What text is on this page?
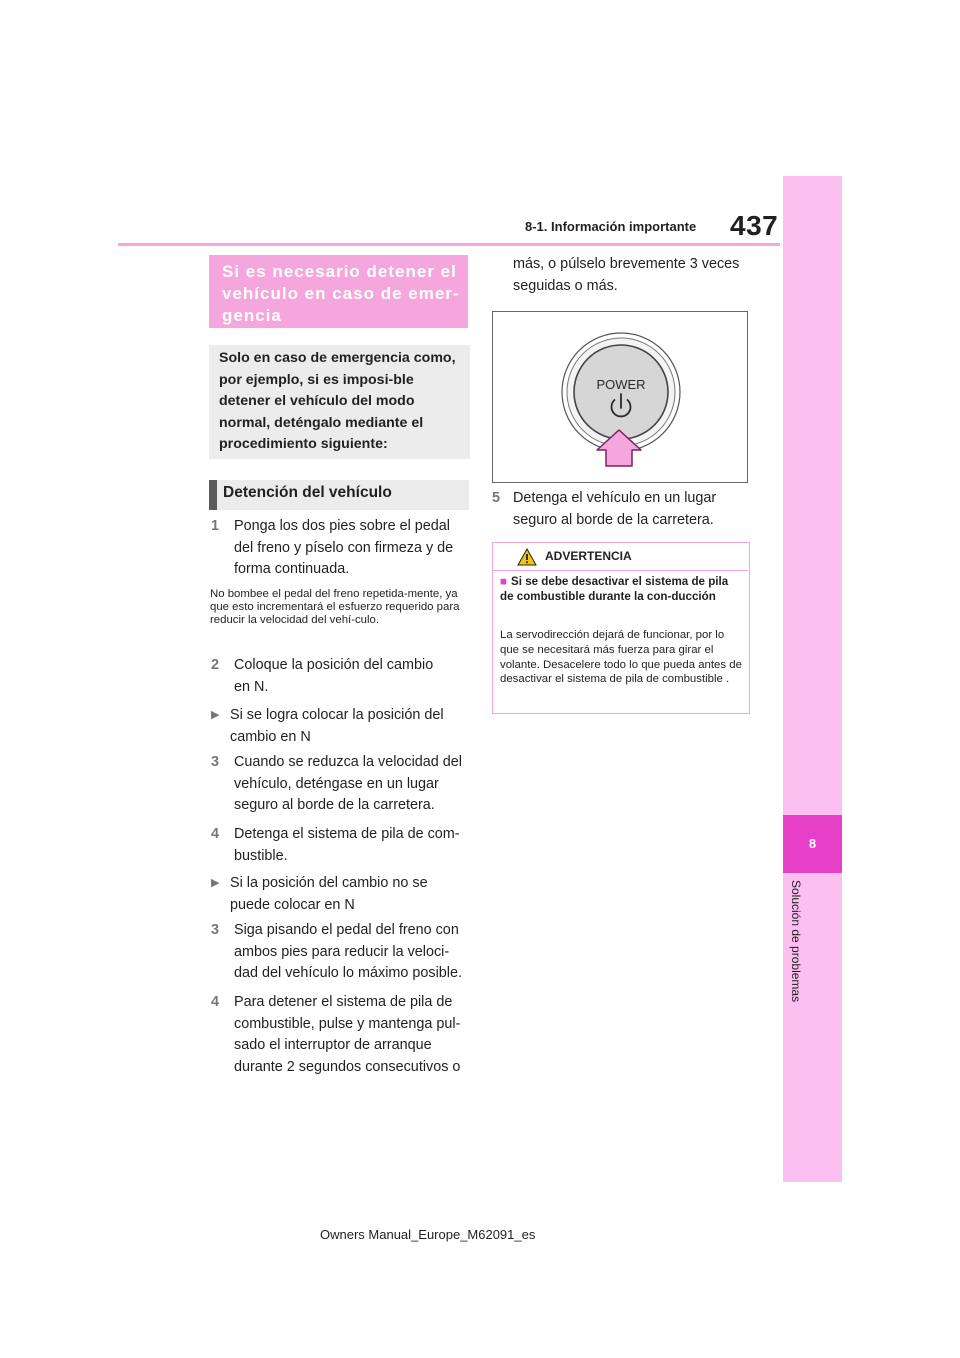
8-1. Información importante 437
8
Solución de problemas
Si es necesario detener el vehículo en caso de emer-gencia
Solo en caso de emergencia como, por ejemplo, si es imposi-ble detener el vehículo del modo normal, deténgalo mediante el procedimiento siguiente:
Detención del vehículo
1 Ponga los dos pies sobre el pedal
del freno y píselo con firmeza y de
forma continuada.
No bombee el pedal del freno repetida-mente, ya que esto incrementará el esfuerzo requerido para reducir la velocidad del vehí-culo.
2 Coloque la posición del cambio
en N.
▶ Si se logra colocar la posición del
cambio en N
3 Cuando se reduzca la velocidad del
vehículo, deténgase en un lugar
seguro al borde de la carretera.
4 Detenga el sistema de pila de com-
bustible.
▶ Si la posición del cambio no se
puede colocar en N
3 Siga pisando el pedal del freno con
ambos pies para reducir la veloci-
dad del vehículo lo máximo posible.
4 Para detener el sistema de pila de
combustible, pulse y mantenga pul-
sado el interruptor de arranque
durante 2 segundos consecutivos o
más, o púlselo brevemente 3 veces
seguidas o más.
POWER
5 Detenga el vehículo en un lugar
seguro al borde de la carretera.
ADVERTENCIA
■ Si se debe desactivar el sistema de pila de combustible durante la con-ducción
La servodirección dejará de funcionar, por lo que se necesitará más fuerza para girar el volante. Desacelere todo lo que pueda antes de desactivar el sistema de pila de combustible .
Owners Manual_Europe_M62091_es
